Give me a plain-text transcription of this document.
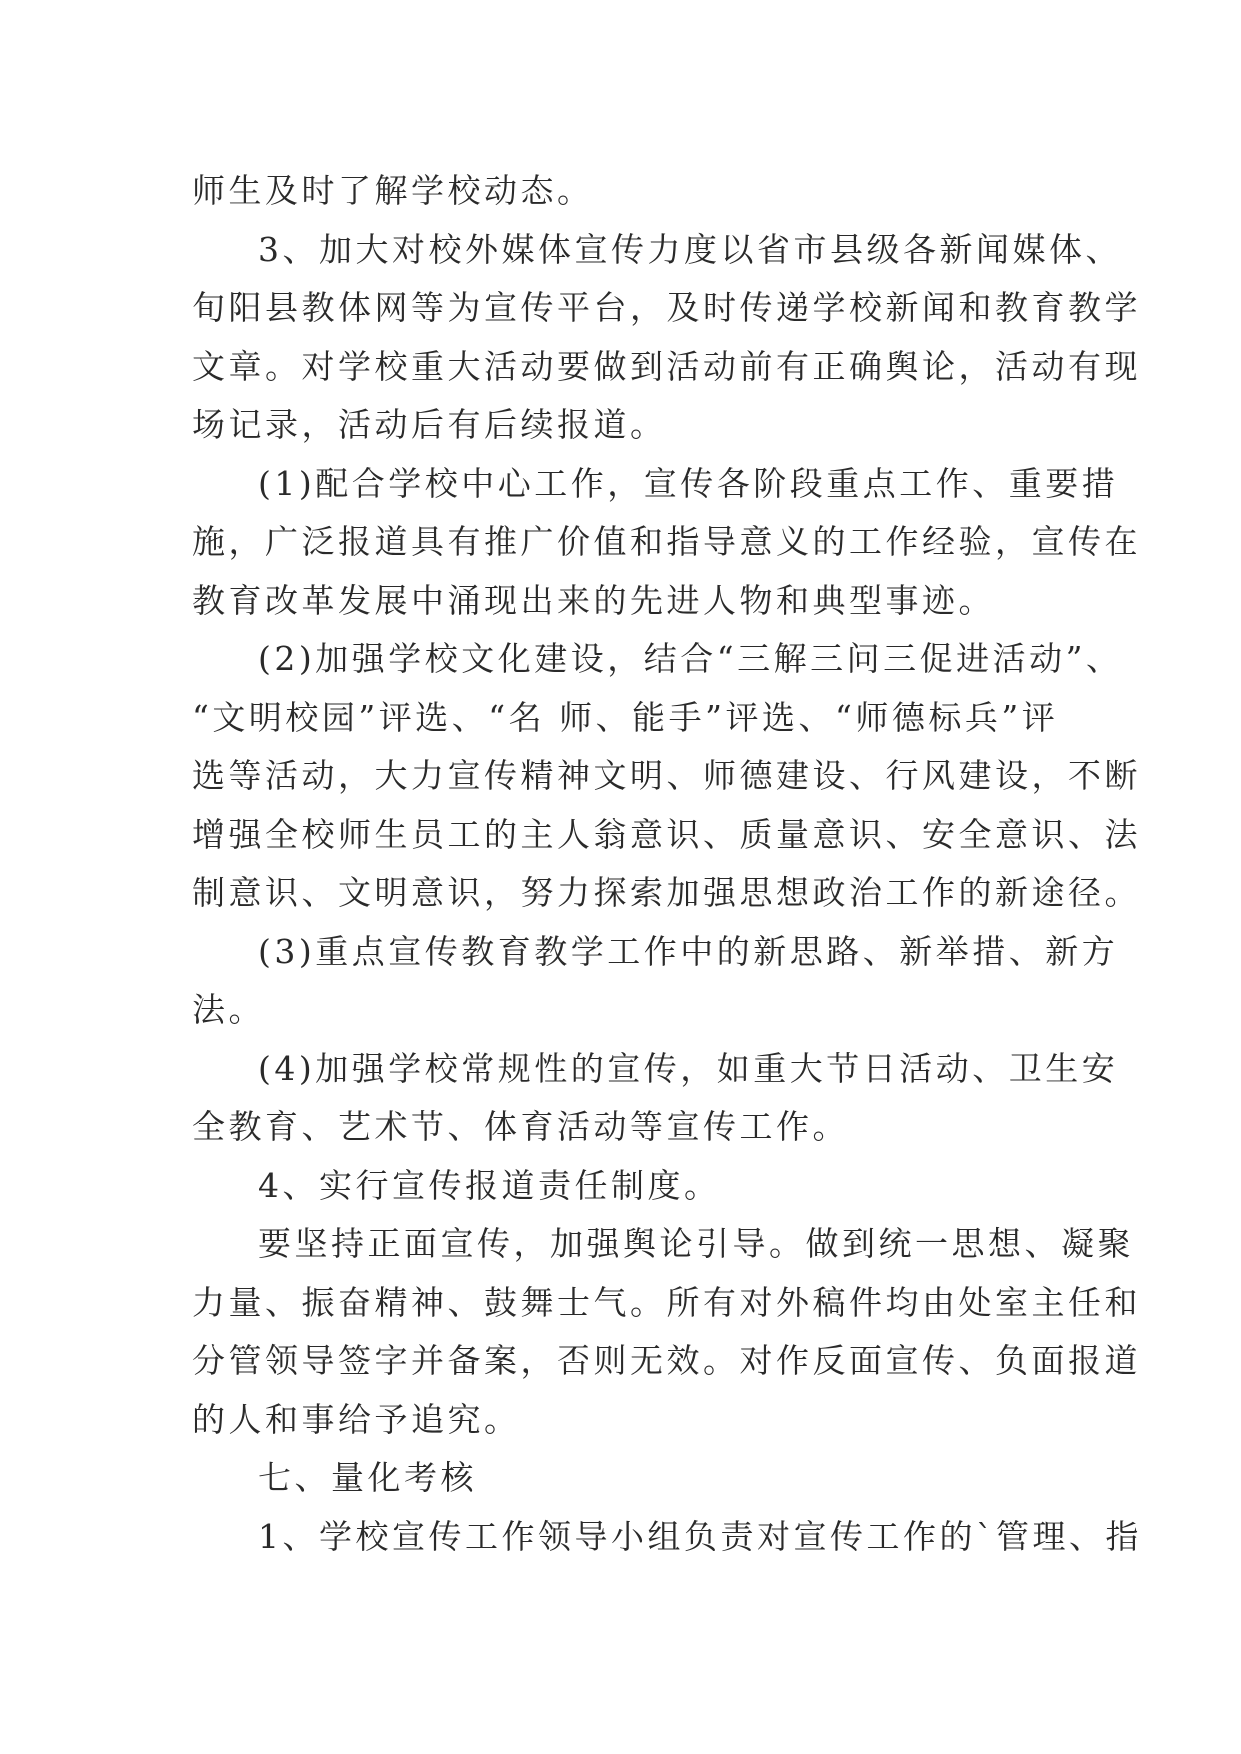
师生及时了解学校动态。
3、加大对校外媒体宣传力度以省市县级各新闻媒体、
旬阳县教体网等为宣传平台，及时传递学校新闻和教育教学
文章。对学校重大活动要做到活动前有正确舆论，活动有现
场记录，活动后有后续报道。
(1)配合学校中心工作，宣传各阶段重点工作、重要措
施，广泛报道具有推广价值和指导意义的工作经验，宣传在
教育改革发展中涌现出来的先进人物和典型事迹。
(2)加强学校文化建设，结合“三解三问三促进活动”、
“文明校园”评选、“名 师、能手”评选、“师德标兵”评
选等活动，大力宣传精神文明、师德建设、行风建设，不断
增强全校师生员工的主人翁意识、质量意识、安全意识、法
制意识、文明意识，努力探索加强思想政治工作的新途径。
(3)重点宣传教育教学工作中的新思路、新举措、新方
法。
(4)加强学校常规性的宣传，如重大节日活动、卫生安
全教育、艺术节、体育活动等宣传工作。
4、实行宣传报道责任制度。
要坚持正面宣传，加强舆论引导。做到统一思想、凝聚
力量、振奋精神、鼓舞士气。所有对外稿件均由处室主任和
分管领导签字并备案，否则无效。对作反面宣传、负面报道
的人和事给予追究。
七、量化考核
1、学校宣传工作领导小组负责对宣传工作的`管理、指
